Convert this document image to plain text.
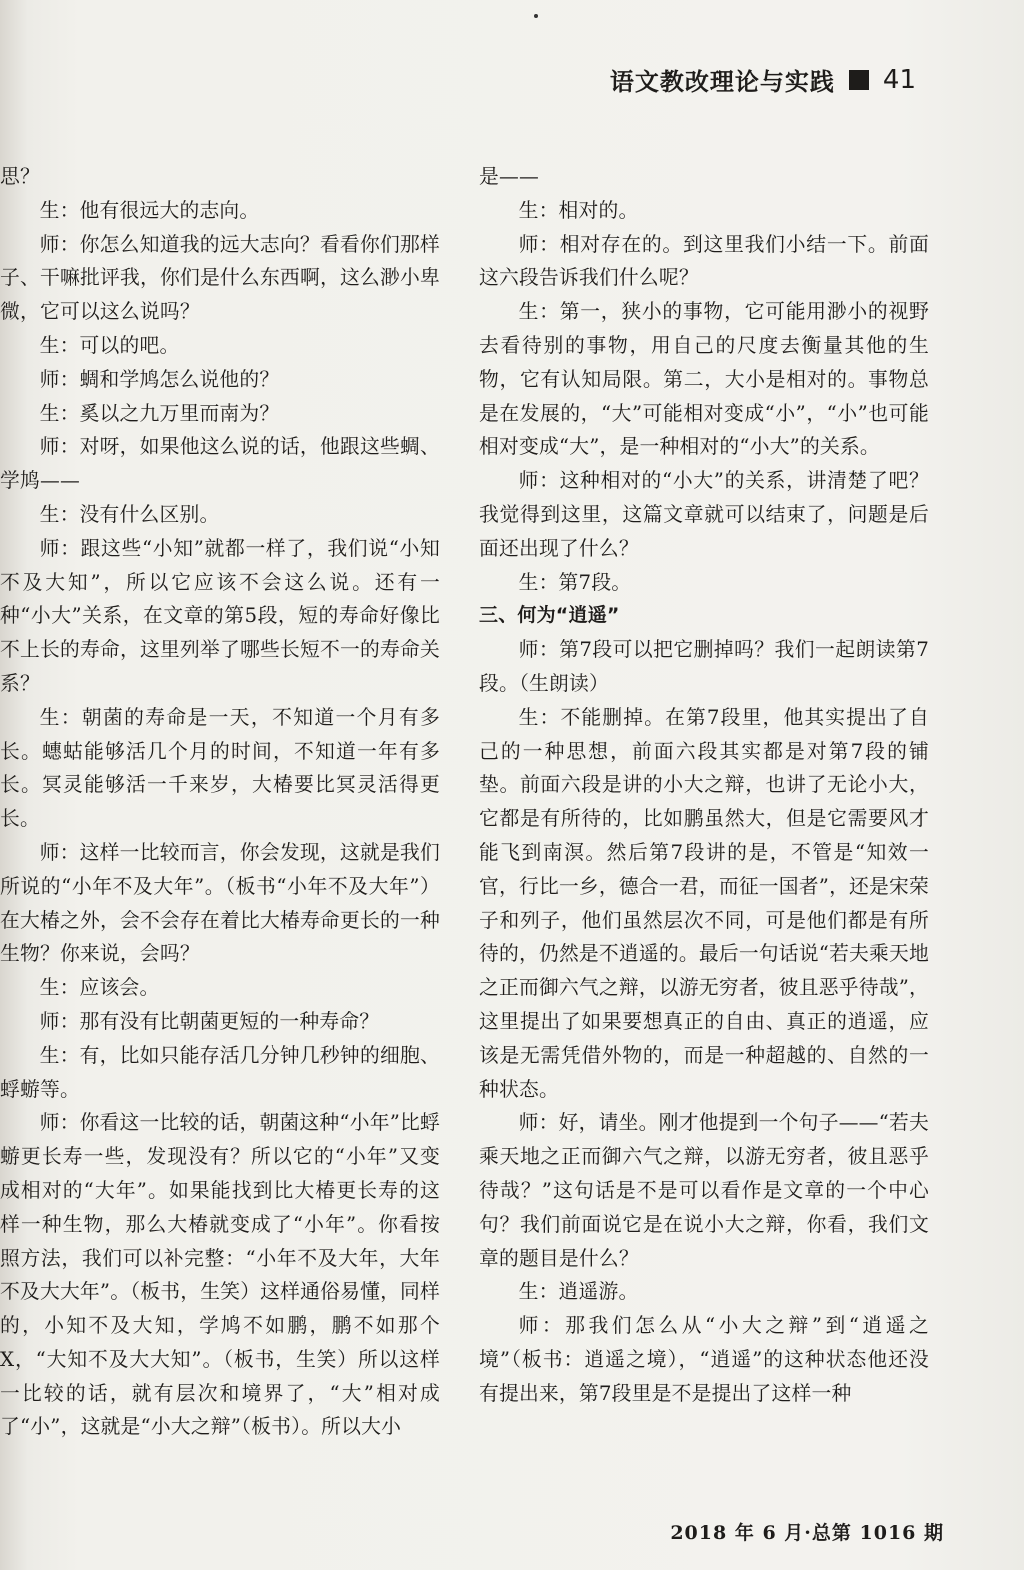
语文教改理论与实践 41

思？

生：他有很远大的志向。

师：你怎么知道我的远大志向？看看你们那样子、干嘛批评我，你们是什么东西啊，这么渺小卑微，它可以这么说吗？

生：可以的吧。

师：蜩和学鸠怎么说他的？

生：奚以之九万里而南为？

师：对呀，如果他这么说的话，他跟这些蜩、学鸠——

生：没有什么区别。

师：跟这些“小知”就都一样了，我们说“小知不及大知”，所以它应该不会这么说。还有一种“小大”关系，在文章的第5段，短的寿命好像比不上长的寿命，这里列举了哪些长短不一的寿命关系？

生：朝菌的寿命是一天，不知道一个月有多长。蟪蛄能够活几个月的时间，不知道一年有多长。冥灵能够活一千来岁，大椿要比冥灵活得更长。

师：这样一比较而言，你会发现，这就是我们所说的“小年不及大年”。（板书“小年不及大年”）在大椿之外，会不会存在着比大椿寿命更长的一种生物？你来说，会吗？

生：应该会。

师：那有没有比朝菌更短的一种寿命？

生：有，比如只能存活几分钟几秒钟的细胞、蜉蝣等。

师：你看这一比较的话，朝菌这种“小年”比蜉蝣更长寿一些，发现没有？所以它的“小年”又变成相对的“大年”。如果能找到比大椿更长寿的这样一种生物，那么大椿就变成了“小年”。你看按照方法，我们可以补完整：“小年不及大年，大年不及大大年”。（板书，生笑）这样通俗易懂，同样的，小知不及大知，学鸠不如鹏，鹏不如那个X，“大知不及大大知”。（板书，生笑）所以这样一比较的话，就有层次和境界了，“大”相对成了“小”，这就是“小大之辩”（板书）。所以大小

是——

生：相对的。

师：相对存在的。到这里我们小结一下。前面这六段告诉我们什么呢？

生：第一，狭小的事物，它可能用渺小的视野去看待别的事物，用自己的尺度去衡量其他的生物，它有认知局限。第二，大小是相对的。事物总是在发展的，“大”可能相对变成“小”，“小”也可能相对变成“大”，是一种相对的“小大”的关系。

师：这种相对的“小大”的关系，讲清楚了吧？我觉得到这里，这篇文章就可以结束了，问题是后面还出现了什么？

生：第7段。

三、何为“逍遥”

师：第7段可以把它删掉吗？我们一起朗读第7段。（生朗读）

生：不能删掉。在第7段里，他其实提出了自己的一种思想，前面六段其实都是对第7段的铺垫。前面六段是讲的小大之辩，也讲了无论小大，它都是有所待的，比如鹏虽然大，但是它需要风才能飞到南溟。然后第7段讲的是，不管是“知效一官，行比一乡，德合一君，而征一国者”，还是宋荣子和列子，他们虽然层次不同，可是他们都是有所待的，仍然是不逍遥的。最后一句话说“若夫乘天地之正而御六气之辩，以游无穷者，彼且恶乎待哉”，这里提出了如果要想真正的自由、真正的逍遥，应该是无需凭借外物的，而是一种超越的、自然的一种状态。

师：好，请坐。刚才他提到一个句子——“若夫乘天地之正而御六气之辩，以游无穷者，彼且恶乎待哉？”这句话是不是可以看作是文章的一个中心句？我们前面说它是在说小大之辩，你看，我们文章的题目是什么？

生：逍遥游。

师：那我们怎么从“小大之辩”到“逍遥之境”（板书：逍遥之境），“逍遥”的这种状态他还没有提出来，第7段里是不是提出了这样一种

2018 年 6 月·总第 1016 期
